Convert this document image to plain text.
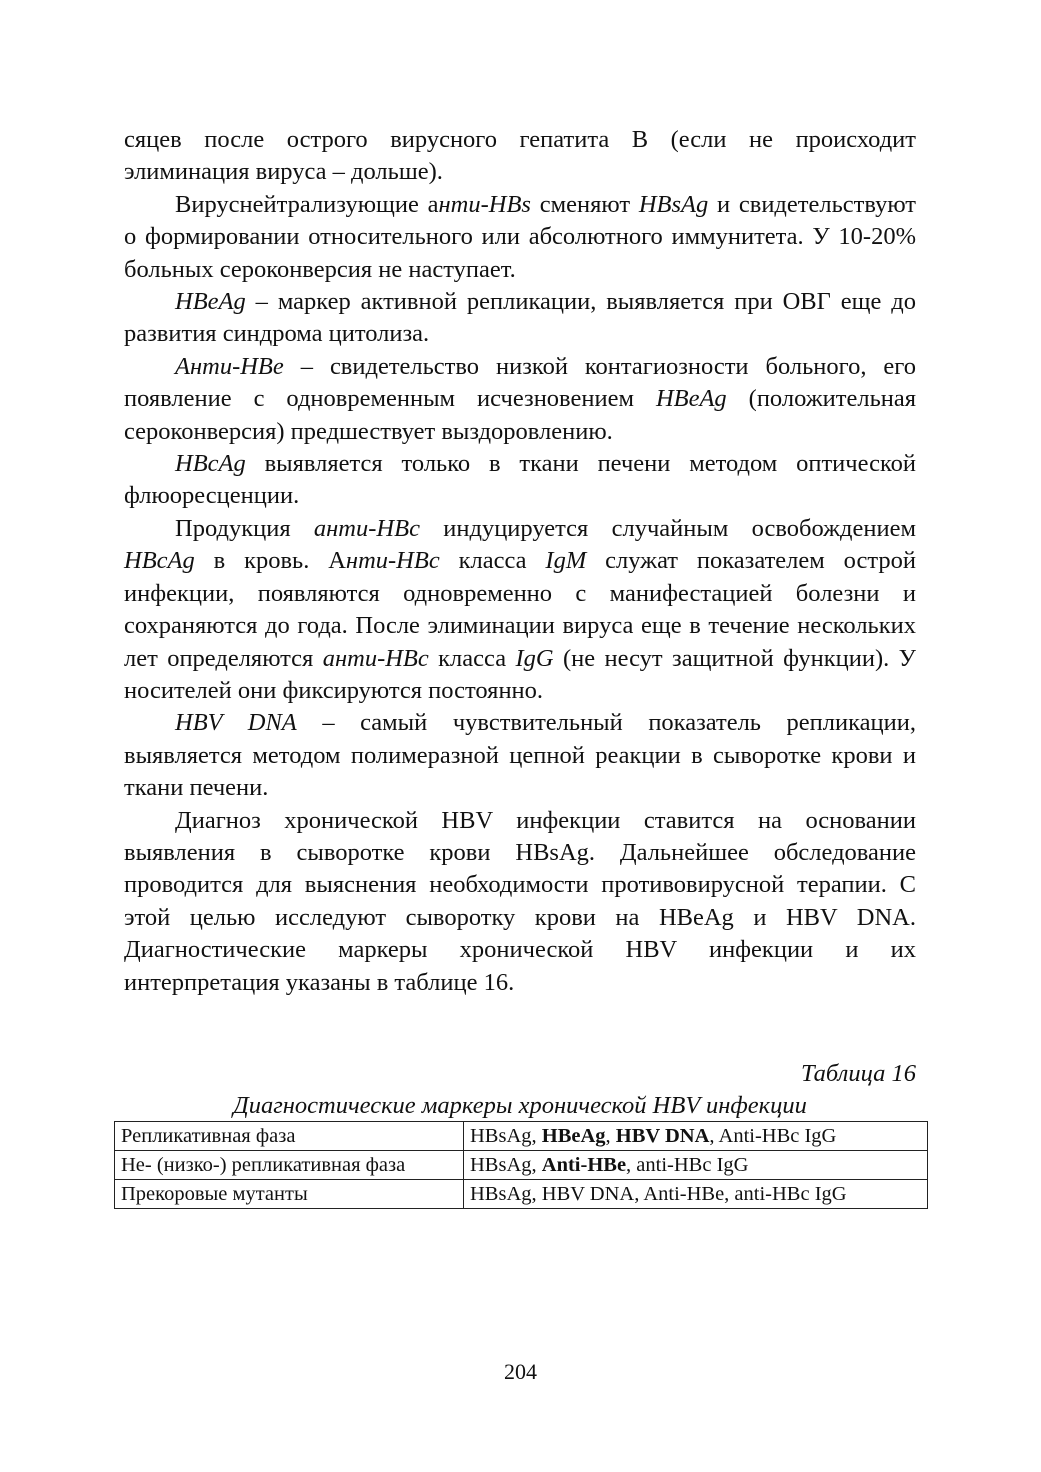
сяцев после острого вирусного гепатита В (если не происходит элиминация вируса – дольше).

Вируснейтрализующие анти-HBs сменяют HBsAg и свидетельствуют о формировании относительного или абсолютного иммунитета. У 10-20% больных сероконверсия не наступает.

HBeAg – маркер активной репликации, выявляется при ОВГ еще до развития синдрома цитолиза.

Анти-HBe – свидетельство низкой контагиозности больного, его появление с одновременным исчезновением HBeAg (положительная сероконверсия) предшествует выздоровлению.

HBcAg выявляется только в ткани печени методом оптической флюоресценции.

Продукция анти-HBc индуцируется случайным освобождением HBcAg в кровь. Анти-HBc класса IgM служат показателем острой инфекции, появляются одновременно с манифестацией болезни и сохраняются до года. После элиминации вируса еще в течение нескольких лет определяются анти-HBc класса IgG (не несут защитной функции). У носителей они фиксируются постоянно.

HBV DNA – самый чувствительный показатель репликации, выявляется методом полимеразной цепной реакции в сыворотке крови и ткани печени.

Диагноз хронической HBV инфекции ставится на основании выявления в сыворотке крови HBsAg. Дальнейшее обследование проводится для выяснения необходимости противовирусной терапии. С этой целью исследуют сыворотку крови на HBeAg и HBV DNA. Диагностические маркеры хронической HBV инфекции и их интерпретация указаны в таблице 16.

Таблица 16
Диагностические маркеры хронической HBV инфекции
Репликативная фаза	HBsAg, HBeAg, HBV DNA, Anti-HBc IgG
Не- (низко-) репликативная фаза	HBsAg, Anti-HBe, anti-HBc IgG
Прекоровые мутанты	HBsAg, HBV DNA, Anti-HBe, anti-HBc IgG
204
